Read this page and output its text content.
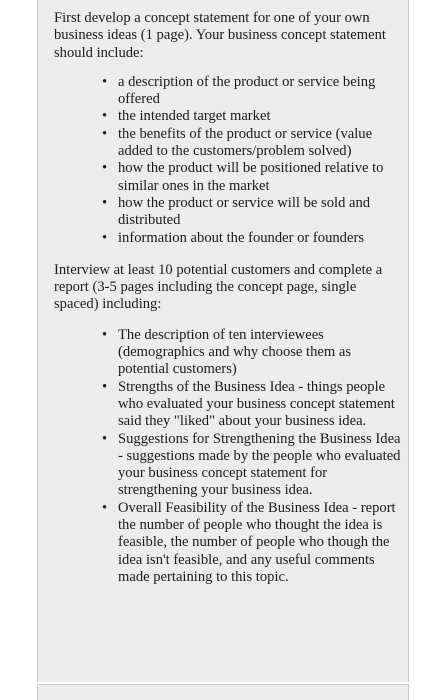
First develop a concept statement for one of your own business ideas (1 page). Your business concept statement should include:

• a description of the product or service being offered
• the intended target market
• the benefits of the product or service (value added to the customers/problem solved)
• how the product will be positioned relative to similar ones in the market
• how the product or service will be sold and distributed
• information about the founder or founders

Interview at least 10 potential customers and complete a report (3-5 pages including the concept page, single spaced) including:

• The description of ten interviewees (demographics and why choose them as potential customers)
• Strengths of the Business Idea - things people who evaluated your business concept statement said they "liked" about your business idea.
• Suggestions for Strengthening the Business Idea - suggestions made by the people who evaluated your business concept statement for strengthening your business idea.
• Overall Feasibility of the Business Idea - report the number of people who thought the idea is feasible, the number of people who though the idea isn't feasible, and any useful comments made pertaining to this topic.
